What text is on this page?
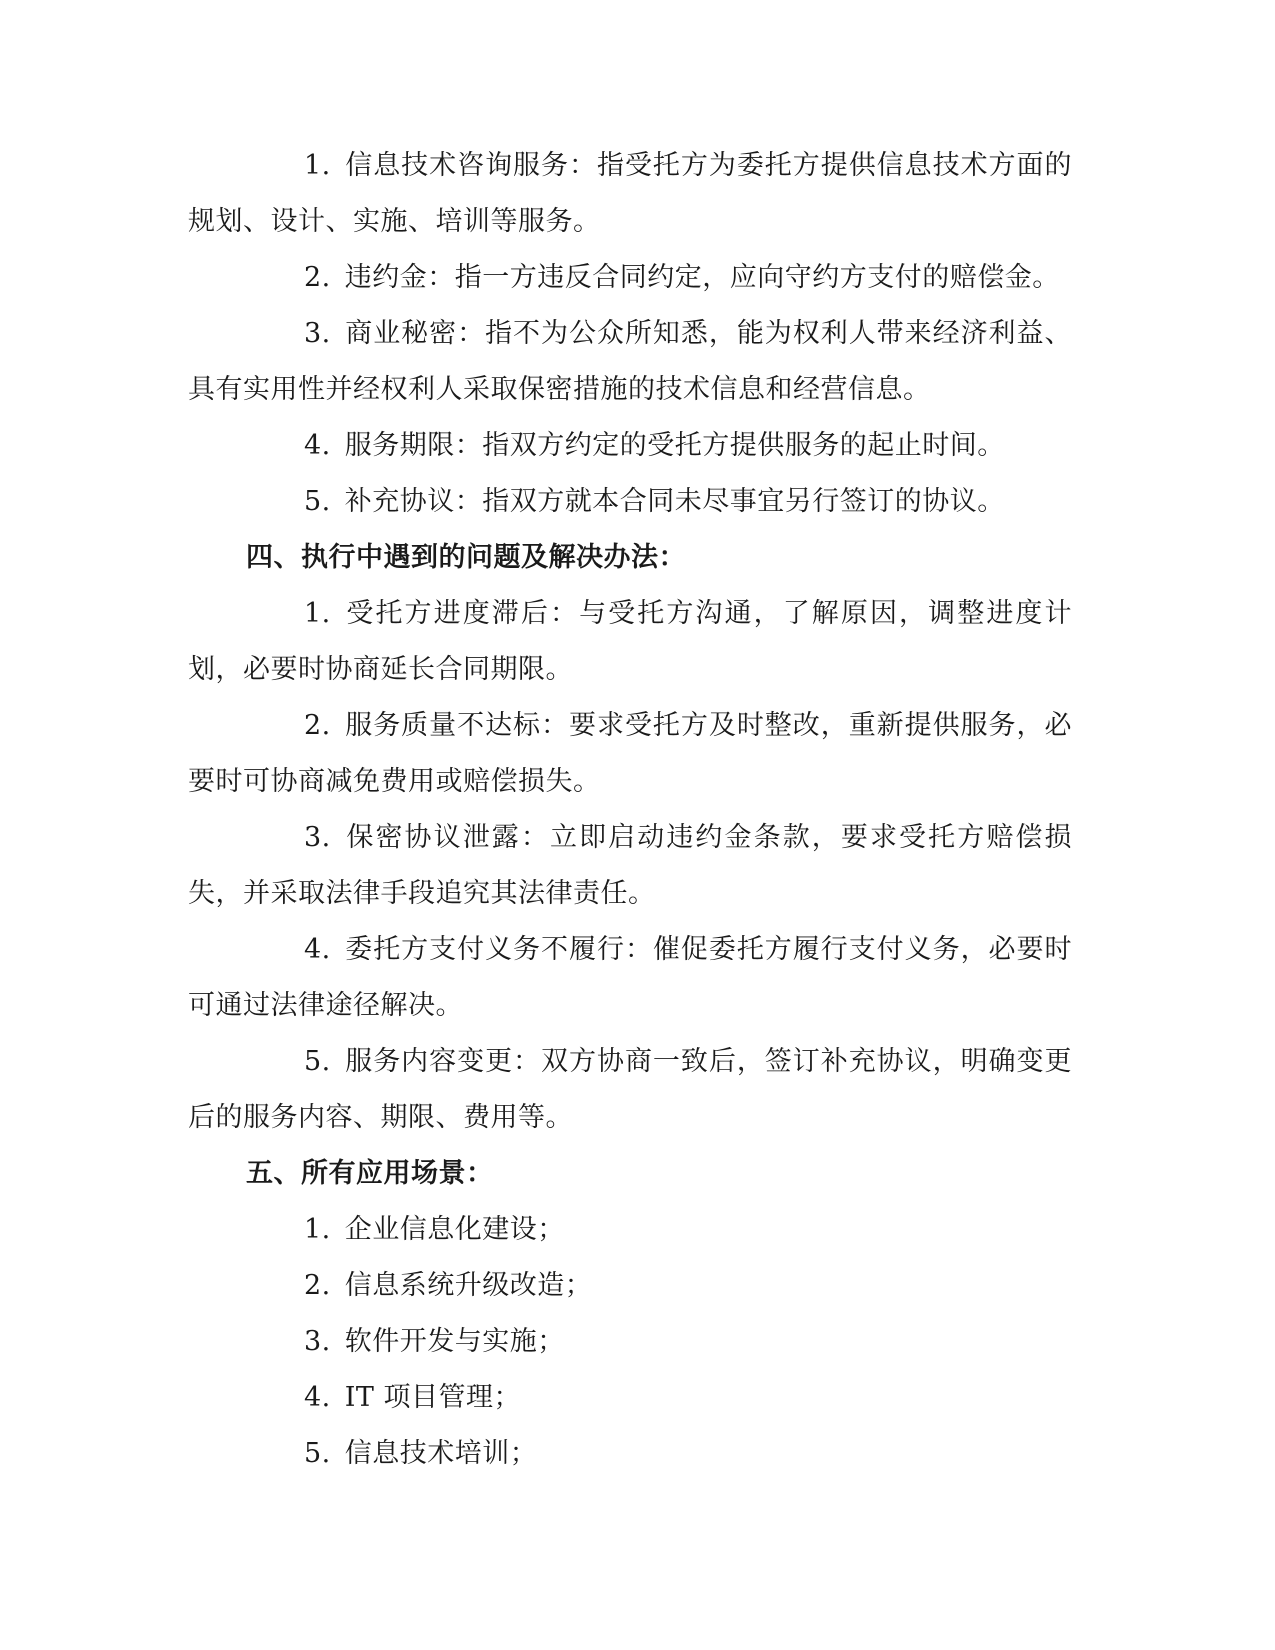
1. 信息技术咨询服务：指受托方为委托方提供信息技术方面的规划、设计、实施、培训等服务。

2. 违约金：指一方违反合同约定，应向守约方支付的赔偿金。

3. 商业秘密：指不为公众所知悉，能为权利人带来经济利益、具有实用性并经权利人采取保密措施的技术信息和经营信息。

4. 服务期限：指双方约定的受托方提供服务的起止时间。

5. 补充协议：指双方就本合同未尽事宜另行签订的协议。

四、执行中遇到的问题及解决办法：

1. 受托方进度滞后：与受托方沟通，了解原因，调整进度计划，必要时协商延长合同期限。

2. 服务质量不达标：要求受托方及时整改，重新提供服务，必要时可协商减免费用或赔偿损失。

3. 保密协议泄露：立即启动违约金条款，要求受托方赔偿损失，并采取法律手段追究其法律责任。

4. 委托方支付义务不履行：催促委托方履行支付义务，必要时可通过法律途径解决。

5. 服务内容变更：双方协商一致后，签订补充协议，明确变更后的服务内容、期限、费用等。

五、所有应用场景：

1. 企业信息化建设；

2. 信息系统升级改造；

3. 软件开发与实施；

4. IT 项目管理；

5. 信息技术培训；
